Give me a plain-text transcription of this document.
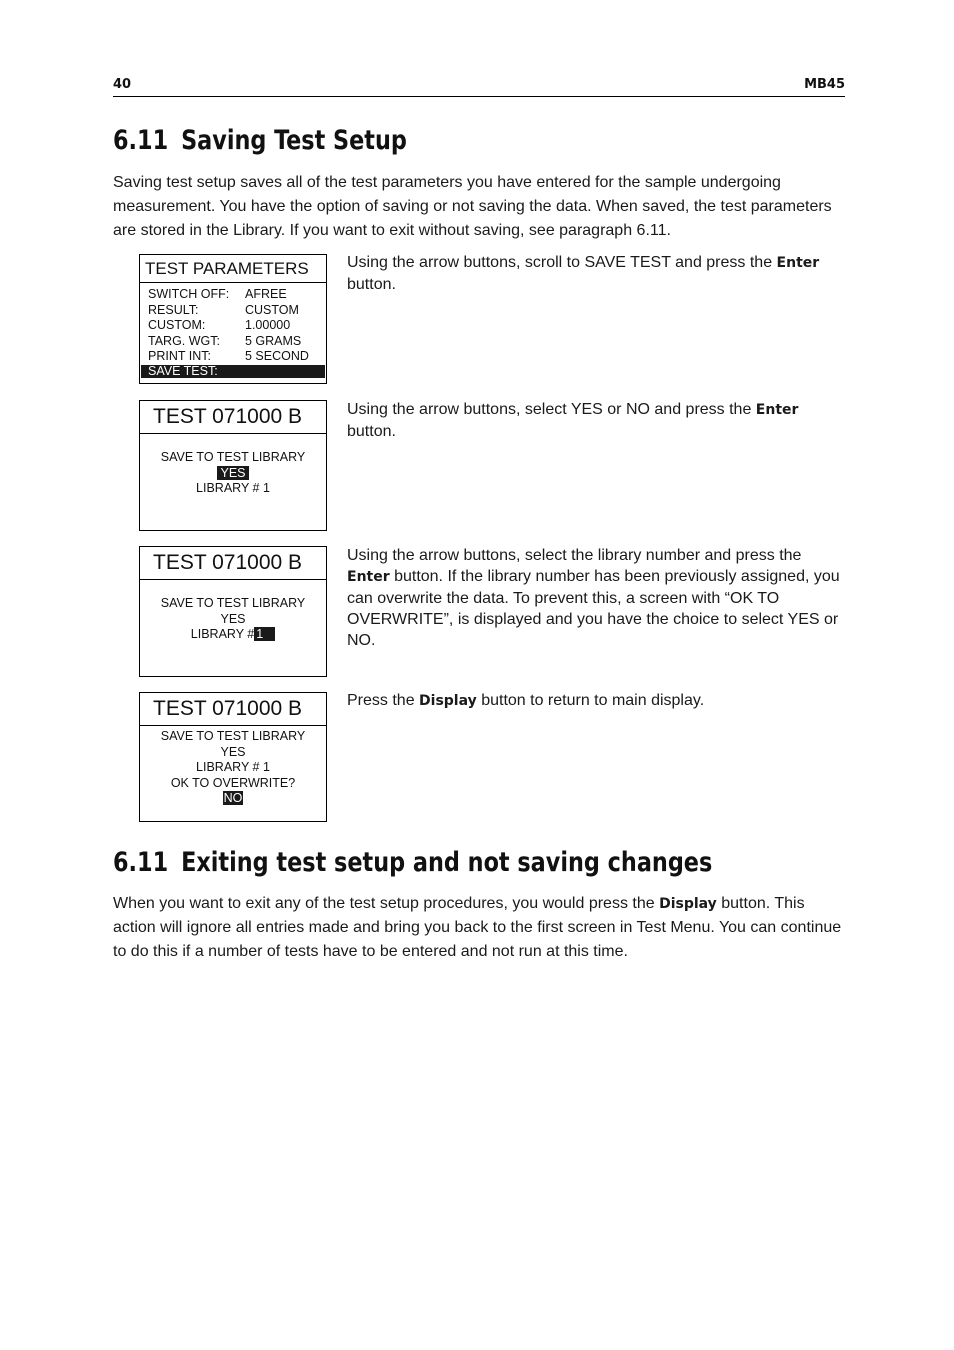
40	MB45
6.11 Saving Test Setup

Saving test setup saves all of the test parameters you have entered for the sample undergoing measurement. You have the option of saving or not saving the data. When saved, the test parameters are stored in the Library. If you want to exit without saving, see paragraph 6.11.

TEST PARAMETERS
SWITCH OFF: AFREE
RESULT:	CUSTOM
CUSTOM:	1.00000
TARG. WGT: 5 GRAMS
PRINT INT:	5 SECOND
SAVE TEST:

Using the arrow buttons, scroll to SAVE TEST and press the Enter button.

TEST 071000 B
SAVE TO TEST LIBRARY
YES
LIBRARY # 1

Using the arrow buttons, select YES or NO and press the Enter button.

TEST 071000 B
SAVE TO TEST LIBRARY
YES
LIBRARY # 1

Using the arrow buttons, select the library number and press the Enter button. If the library number has been previously assigned, you can overwrite the data. To prevent this, a screen with “OK TO OVERWRITE”, is displayed and you have the choice to select YES or NO.

TEST 071000 B
SAVE TO TEST LIBRARY
YES
LIBRARY # 1
OK TO OVERWRITE?
NO

Press the Display button to return to main display.

6.11 Exiting test setup and not saving changes

When you want to exit any of the test setup procedures, you would press the Display button. This action will ignore all entries made and bring you back to the first screen in Test Menu. You can continue to do this if a number of tests have to be entered and not run at this time.
